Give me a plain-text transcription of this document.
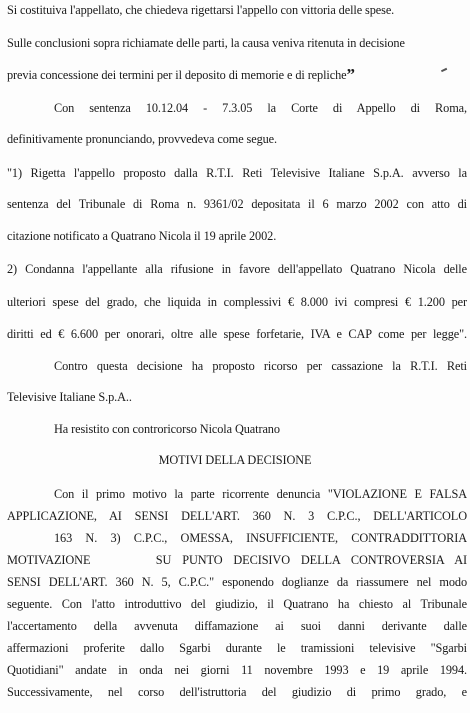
Si costituiva l'appellato, che chiedeva rigettarsi l'appello con vittoria delle spese.
Sulle conclusioni sopra richiamate delle parti, la causa veniva ritenuta in decisione
previa concessione dei termini per il deposito di memorie e di repliche”
Con sentenza 10.12.04 - 7.3.05 la Corte di Appello di Roma,
definitivamente pronunciando, provvedeva come segue.
"1) Rigetta l'appello proposto dalla R.T.I. Reti Televisive Italiane S.p.A. avverso la
sentenza del Tribunale di Roma n. 9361/02 depositata il 6 marzo 2002 con atto di
citazione notificato a Quatrano Nicola il 19 aprile 2002.
2) Condanna l'appellante alla rifusione in favore dell'appellato Quatrano Nicola delle
ulteriori spese del grado, che liquida in complessivi € 8.000 ivi compresi € 1.200 per
diritti ed € 6.600 per onorari, oltre alle spese forfetarie, IVA e CAP come per legge".
Contro questa decisione ha proposto ricorso per cassazione la R.T.I. Reti
Televisive Italiane S.p.A..
Ha resistito con controricorso Nicola Quatrano
MOTIVI DELLA DECISIONE
Con il primo motivo la parte ricorrente denuncia "VIOLAZIONE E FALSA
APPLICAZIONE, AI SENSI DELL'ART. 360 N. 3 C.P.C., DELL'ARTICOLO
163 N. 3) C.P.C., OMESSA, INSUFFICIENTE, CONTRADDITTORIA
MOTIVAZIONE      SU PUNTO DECISIVO DELLA CONTROVERSIA AI
SENSI DELL'ART. 360 N. 5, C.P.C." esponendo doglianze da riassumere nel modo
seguente. Con l'atto introduttivo del giudizio, il Quatrano ha chiesto al Tribunale
l'accertamento della avvenuta diffamazione ai suoi danni derivante dalle
affermazioni proferite dallo Sgarbi durante le tramissioni televisive "Sgarbi
Quotidiani" andate in onda nei giorni 11 novembre 1993 e 19 aprile 1994.
Successivamente, nel corso dell'istruttoria del giudizio di primo grado, e
